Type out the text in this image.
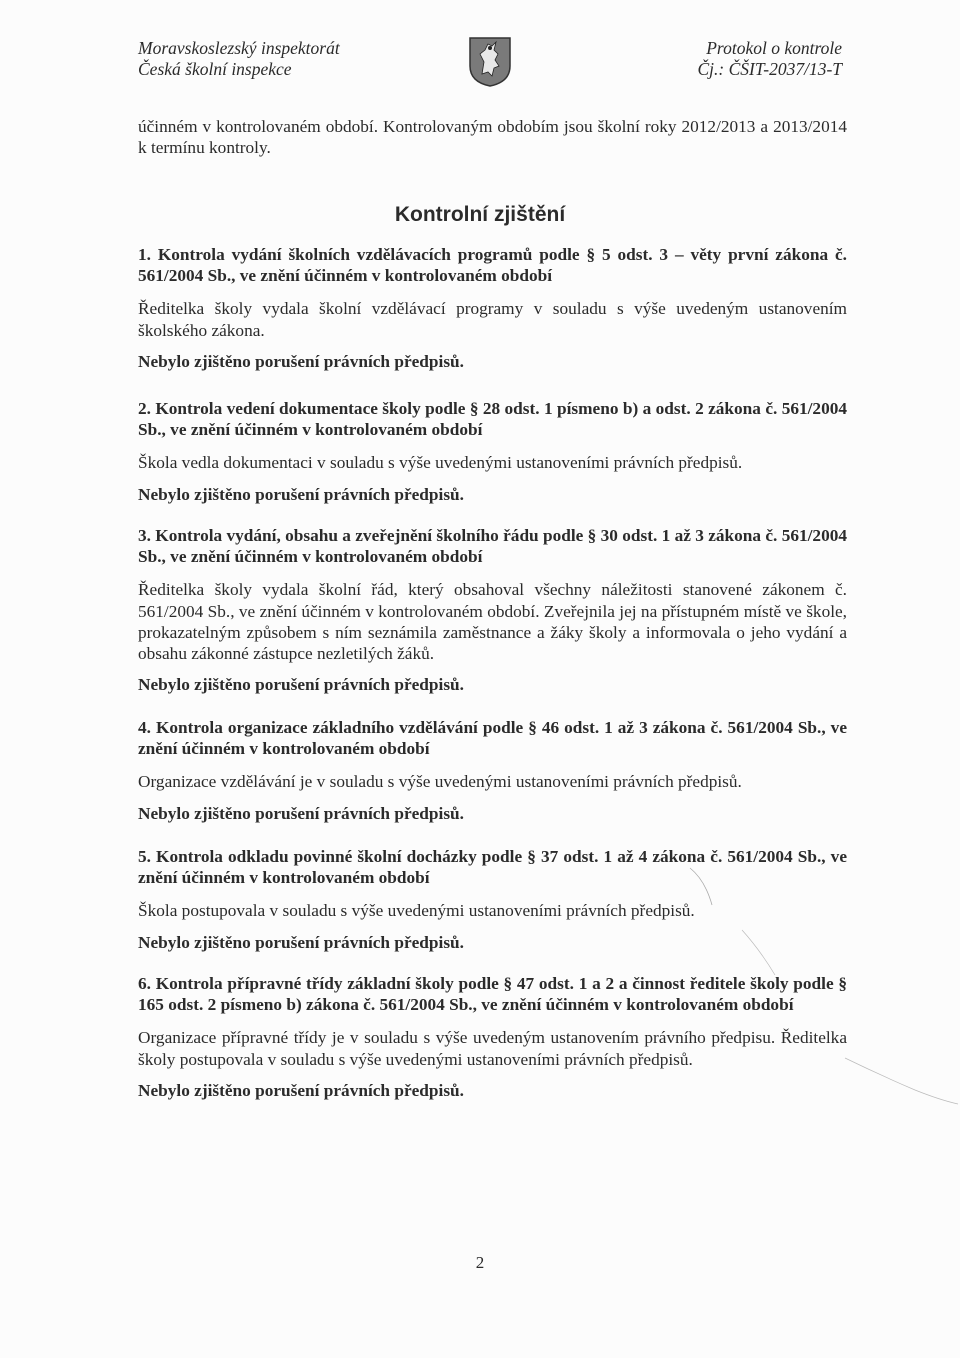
Moravskoslezský inspektorát
Česká školní inspekce
Protokol o kontrole
Čj.: ČŠIT-2037/13-T

účinném v kontrolovaném období. Kontrolovaným obdobím jsou školní roky 2012/2013 a 2013/2014 k termínu kontroly.

Kontrolní zjištění

1. Kontrola vydání školních vzdělávacích programů podle § 5 odst. 3 – věty první zákona č. 561/2004 Sb., ve znění účinném v kontrolovaném období

Ředitelka školy vydala školní vzdělávací programy v souladu s výše uvedeným ustanovením školského zákona.

Nebylo zjištěno porušení právních předpisů.

2. Kontrola vedení dokumentace školy podle § 28 odst. 1 písmeno b) a odst. 2 zákona č. 561/2004 Sb., ve znění účinném v kontrolovaném období

Škola vedla dokumentaci v souladu s výše uvedenými ustanoveními právních předpisů.

Nebylo zjištěno porušení právních předpisů.

3. Kontrola vydání, obsahu a zveřejnění školního řádu podle § 30 odst. 1 až 3 zákona č. 561/2004 Sb., ve znění účinném v kontrolovaném období

Ředitelka školy vydala školní řád, který obsahoval všechny náležitosti stanovené zákonem č. 561/2004 Sb., ve znění účinném v kontrolovaném období. Zveřejnila jej na přístupném místě ve škole, prokazatelným způsobem s ním seznámila zaměstnance a žáky školy a informovala o jeho vydání a obsahu zákonné zástupce nezletilých žáků.

Nebylo zjištěno porušení právních předpisů.

4. Kontrola organizace základního vzdělávání podle § 46 odst. 1 až 3 zákona č. 561/2004 Sb., ve znění účinném v kontrolovaném období

Organizace vzdělávání je v souladu s výše uvedenými ustanoveními právních předpisů.

Nebylo zjištěno porušení právních předpisů.

5. Kontrola odkladu povinné školní docházky podle § 37 odst. 1 až 4 zákona č. 561/2004 Sb., ve znění účinném v kontrolovaném období

Škola postupovala v souladu s výše uvedenými ustanoveními právních předpisů.

Nebylo zjištěno porušení právních předpisů.

6. Kontrola přípravné třídy základní školy podle § 47 odst. 1 a 2 a činnost ředitele školy podle § 165 odst. 2 písmeno b) zákona č. 561/2004 Sb., ve znění účinném v kontrolovaném období

Organizace přípravné třídy je v souladu s výše uvedeným ustanovením právního předpisu. Ředitelka školy postupovala v souladu s výše uvedenými ustanoveními právních předpisů.

Nebylo zjištěno porušení právních předpisů.

2
